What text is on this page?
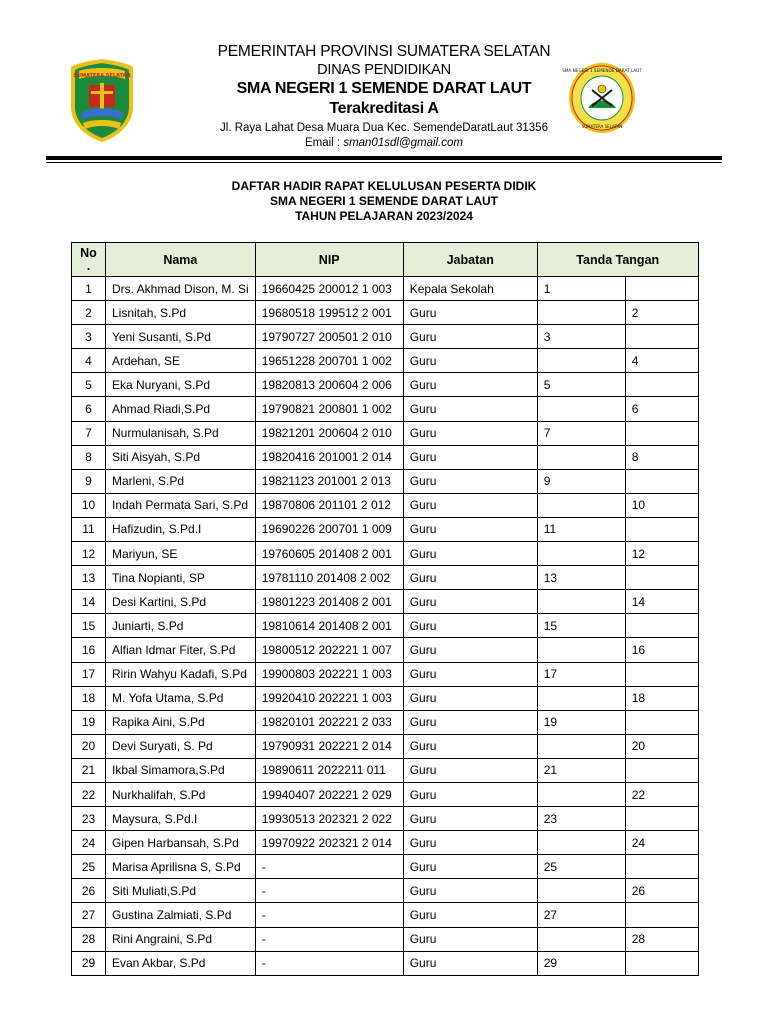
SUMATERA SELATAN
SMA NEGERI 1 SEMENDE DARAT LAUT
SUMATERA SELATAN
PEMERINTAH PROVINSI SUMATERA SELATAN
DINAS PENDIDIKAN
SMA NEGERI 1 SEMENDE DARAT LAUT
Terakreditasi A
Jl. Raya Lahat Desa Muara Dua Kec. SemendeDaratLaut 31356
Email : sman01sdl@gmail.com
DAFTAR HADIR RAPAT KELULUSAN PESERTA DIDIK
SMA NEGERI 1 SEMENDE DARAT LAUT
TAHUN PELAJARAN 2023/2024
No
.	Nama	NIP	Jabatan	Tanda Tangan	
1	Drs. Akhmad Dison, M. Si	19660425 200012 1 003	Kepala Sekolah	1	
2	Lisnitah, S.Pd	19680518 199512 2 001	Guru		2
3	Yeni Susanti, S.Pd	19790727 200501 2 010	Guru	3	
4	Ardehan, SE	19651228 200701 1 002	Guru		4
5	Eka Nuryani, S.Pd	19820813 200604 2 006	Guru	5	
6	Ahmad Riadi,S.Pd	19790821 200801 1 002	Guru		6
7	Nurmulanisah, S.Pd	19821201 200604 2 010	Guru	7	
8	Siti Aisyah, S.Pd	19820416 201001 2 014	Guru		8
9	Marleni, S.Pd	19821123 201001 2 013	Guru	9	
10	Indah Permata Sari, S.Pd	19870806 201101 2 012	Guru		10
11	Hafizudin, S.Pd.I	19690226 200701 1 009	Guru	11	
12	Mariyun, SE	19760605 201408 2 001	Guru		12
13	Tina Nopianti, SP	19781110 201408 2 002	Guru	13	
14	Desi Kartini, S.Pd	19801223 201408 2 001	Guru		14
15	Juniarti, S.Pd	19810614 201408 2 001	Guru	15	
16	Alfian Idmar Fiter, S.Pd	19800512 202221 1 007	Guru		16
17	Ririn Wahyu Kadafi, S.Pd	19900803 202221 1 003	Guru	17	
18	M. Yofa Utama, S.Pd	19920410 202221 1 003	Guru		18
19	Rapika Aini, S.Pd	19820101 202221 2 033	Guru	19	
20	Devi Suryati, S. Pd	19790931 202221 2 014	Guru		20
21	Ikbal Simamora,S.Pd	19890611 2022211 011	Guru	21	
22	Nurkhalifah, S.Pd	19940407 202221 2 029	Guru		22
23	Maysura, S.Pd.I	19930513 202321 2 022	Guru	23	
24	Gipen Harbansah, S.Pd	19970922 202321 2 014	Guru		24
25	Marisa Aprilisna S, S.Pd	-	Guru	25	
26	Siti Muliati,S.Pd	-	Guru		26
27	Gustina Zalmiati, S.Pd	-	Guru	27	
28	Rini Angraini, S.Pd	-	Guru		28
29	Evan Akbar, S.Pd	-	Guru	29	
